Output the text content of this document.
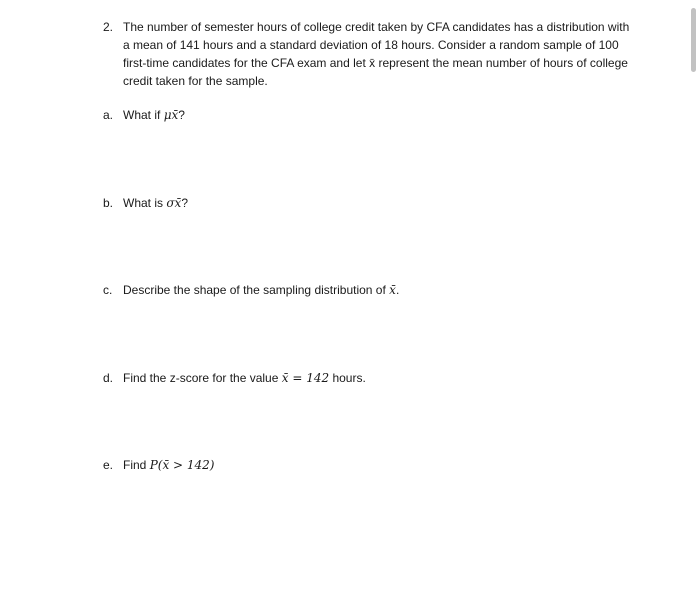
2. The number of semester hours of college credit taken by CFA candidates has a distribution with a mean of 141 hours and a standard deviation of 18 hours. Consider a random sample of 100 first-time candidates for the CFA exam and let x̄ represent the mean number of hours of college credit taken for the sample.
a. What if μx̄?
b. What is σx̄?
c. Describe the shape of the sampling distribution of x̄.
d. Find the z-score for the value x̄ = 142 hours.
e. Find P(x̄ > 142)
